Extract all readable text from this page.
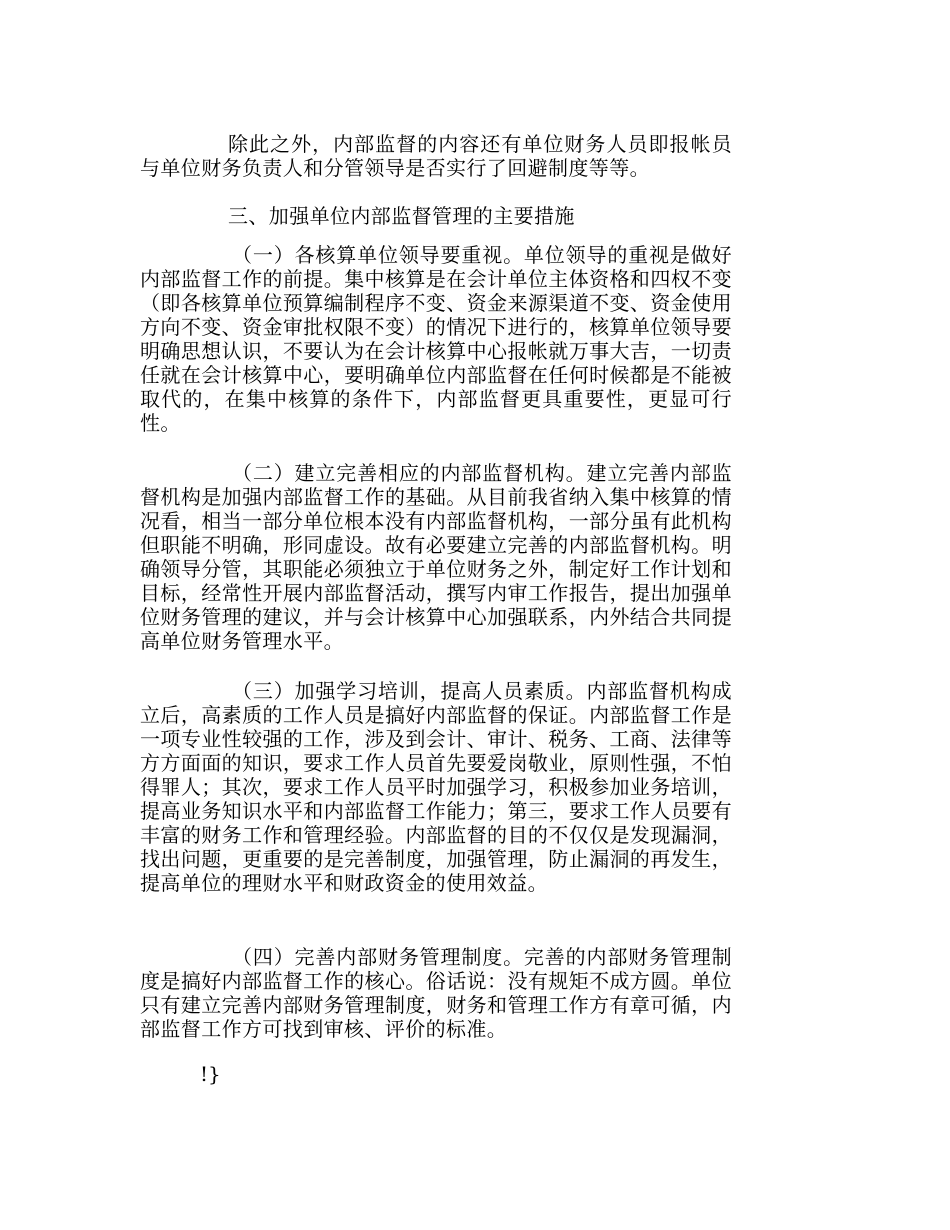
除此之外，内部监督的内容还有单位财务人员即报帐员与单位财务负责人和分管领导是否实行了回避制度等等。

三、加强单位内部监督管理的主要措施

（一）各核算单位领导要重视。单位领导的重视是做好内部监督工作的前提。集中核算是在会计单位主体资格和四权不变（即各核算单位预算编制程序不变、资金来源渠道不变、资金使用方向不变、资金审批权限不变）的情况下进行的，核算单位领导要明确思想认识，不要认为在会计核算中心报帐就万事大吉，一切责任就在会计核算中心，要明确单位内部监督在任何时候都是不能被取代的，在集中核算的条件下，内部监督更具重要性，更显可行性。

（二）建立完善相应的内部监督机构。建立完善内部监督机构是加强内部监督工作的基础。从目前我省纳入集中核算的情况看，相当一部分单位根本没有内部监督机构，一部分虽有此机构但职能不明确，形同虚设。故有必要建立完善的内部监督机构。明确领导分管，其职能必须独立于单位财务之外，制定好工作计划和目标，经常性开展内部监督活动，撰写内审工作报告，提出加强单位财务管理的建议，并与会计核算中心加强联系，内外结合共同提高单位财务管理水平。

（三）加强学习培训，提高人员素质。内部监督机构成立后，高素质的工作人员是搞好内部监督的保证。内部监督工作是一项专业性较强的工作，涉及到会计、审计、税务、工商、法律等方方面面的知识，要求工作人员首先要爱岗敬业，原则性强，不怕得罪人；其次，要求工作人员平时加强学习，积极参加业务培训，提高业务知识水平和内部监督工作能力；第三，要求工作人员要有丰富的财务工作和管理经验。内部监督的目的不仅仅是发现漏洞，找出问题，更重要的是完善制度，加强管理，防止漏洞的再发生，提高单位的理财水平和财政资金的使用效益。

（四）完善内部财务管理制度。完善的内部财务管理制度是搞好内部监督工作的核心。俗话说：没有规矩不成方圆。单位只有建立完善内部财务管理制度，财务和管理工作方有章可循，内部监督工作方可找到审核、评价的标准。

!}
